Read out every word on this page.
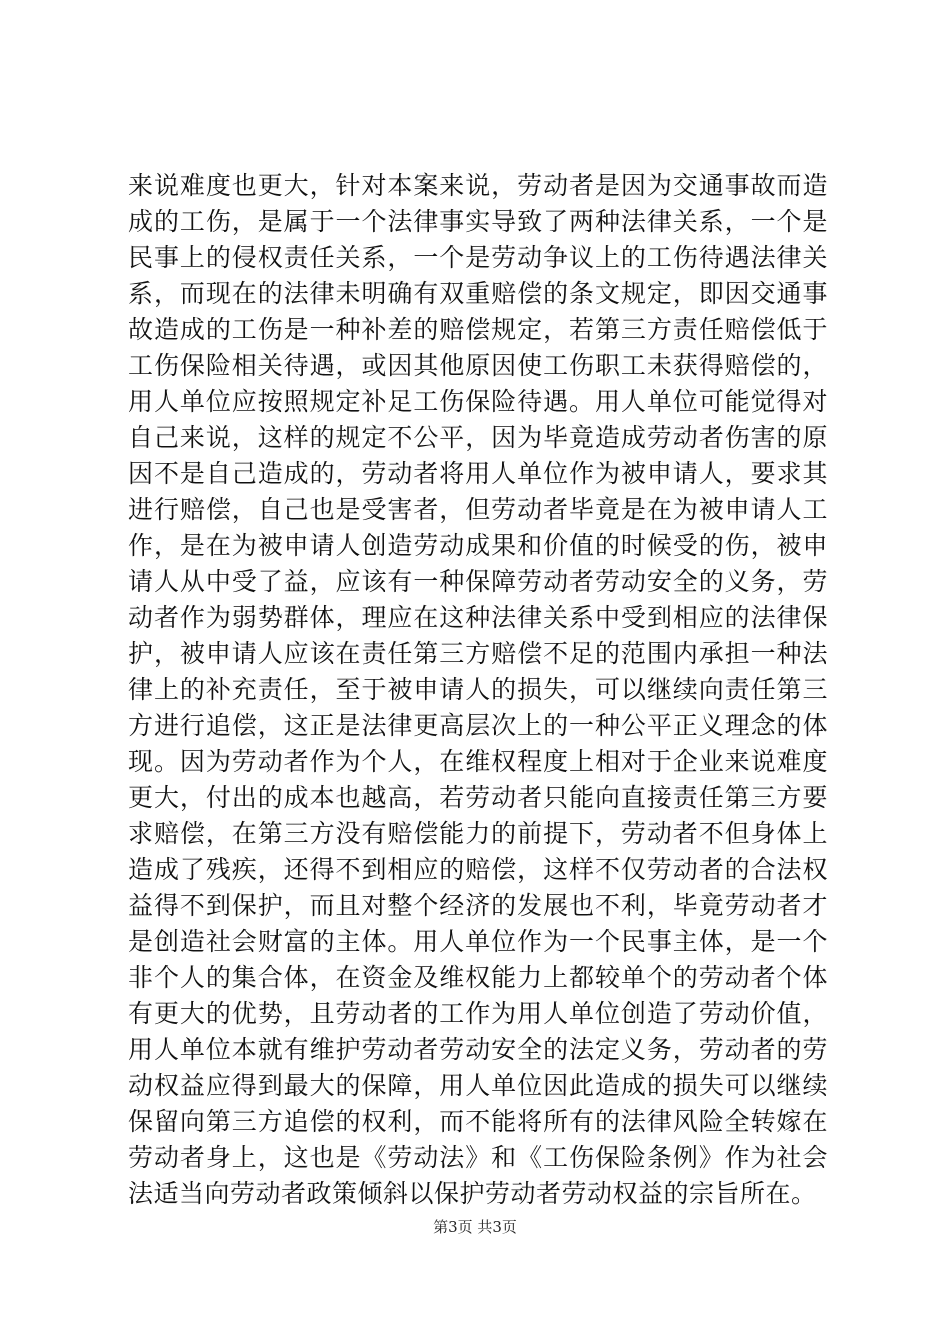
来说难度也更大，针对本案来说，劳动者是因为交通事故而造
成的工伤，是属于一个法律事实导致了两种法律关系，一个是
民事上的侵权责任关系，一个是劳动争议上的工伤待遇法律关
系，而现在的法律未明确有双重赔偿的条文规定，即因交通事
故造成的工伤是一种补差的赔偿规定，若第三方责任赔偿低于
工伤保险相关待遇，或因其他原因使工伤职工未获得赔偿的，
用人单位应按照规定补足工伤保险待遇。用人单位可能觉得对
自己来说，这样的规定不公平，因为毕竟造成劳动者伤害的原
因不是自己造成的，劳动者将用人单位作为被申请人，要求其
进行赔偿，自己也是受害者，但劳动者毕竟是在为被申请人工
作，是在为被申请人创造劳动成果和价值的时候受的伤，被申
请人从中受了益，应该有一种保障劳动者劳动安全的义务，劳
动者作为弱势群体，理应在这种法律关系中受到相应的法律保
护，被申请人应该在责任第三方赔偿不足的范围内承担一种法
律上的补充责任，至于被申请人的损失，可以继续向责任第三
方进行追偿，这正是法律更高层次上的一种公平正义理念的体
现。因为劳动者作为个人，在维权程度上相对于企业来说难度
更大，付出的成本也越高，若劳动者只能向直接责任第三方要
求赔偿，在第三方没有赔偿能力的前提下，劳动者不但身体上
造成了残疾，还得不到相应的赔偿，这样不仅劳动者的合法权
益得不到保护，而且对整个经济的发展也不利，毕竟劳动者才
是创造社会财富的主体。用人单位作为一个民事主体，是一个
非个人的集合体，在资金及维权能力上都较单个的劳动者个体
有更大的优势，且劳动者的工作为用人单位创造了劳动价值，
用人单位本就有维护劳动者劳动安全的法定义务，劳动者的劳
动权益应得到最大的保障，用人单位因此造成的损失可以继续
保留向第三方追偿的权利，而不能将所有的法律风险全转嫁在
劳动者身上，这也是《劳动法》和《工伤保险条例》作为社会
法适当向劳动者政策倾斜以保护劳动者劳动权益的宗旨所在。
第3页 共3页
